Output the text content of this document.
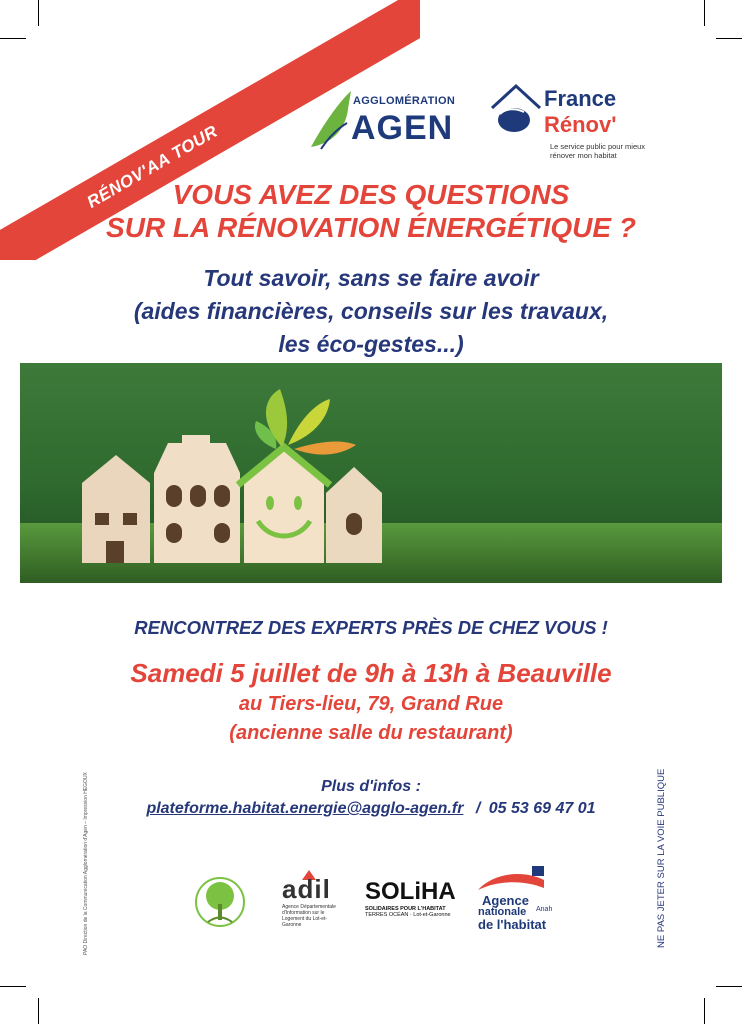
RÉNOV'AA TOUR
AGGLOMÉRATION
AGEN
France
Rénov'
Le service public pour mieux rénover mon habitat
VOUS AVEZ DES QUESTIONS
SUR LA RÉNOVATION ÉNERGÉTIQUE ?
Tout savoir, sans se faire avoir
(aides financières, conseils sur les travaux,
les éco-gestes...)
RENCONTREZ DES EXPERTS PRÈS DE CHEZ VOUS !
Samedi 5 juillet de 9h à 13h à Beauville
au Tiers-lieu, 79, Grand Rue
(ancienne salle du restaurant)
Plus d'infos :
plateforme.habitat.energie@agglo-agen.fr / 05 53 69 47 01
PAO Direction de la Communication Agglomération d'Agen – Impression HEGOUX	NE PAS JETER SUR LA VOIE PUBLIQUE
adil
Agence Départementale d'Information sur le Logement du Lot-et-Garonne
SOLiHA
SOLIDAIRES POUR L'HABITAT
TERRES OCÉAN · Lot-et-Garonne
Agence
nationale
de l'habitat
Anah
